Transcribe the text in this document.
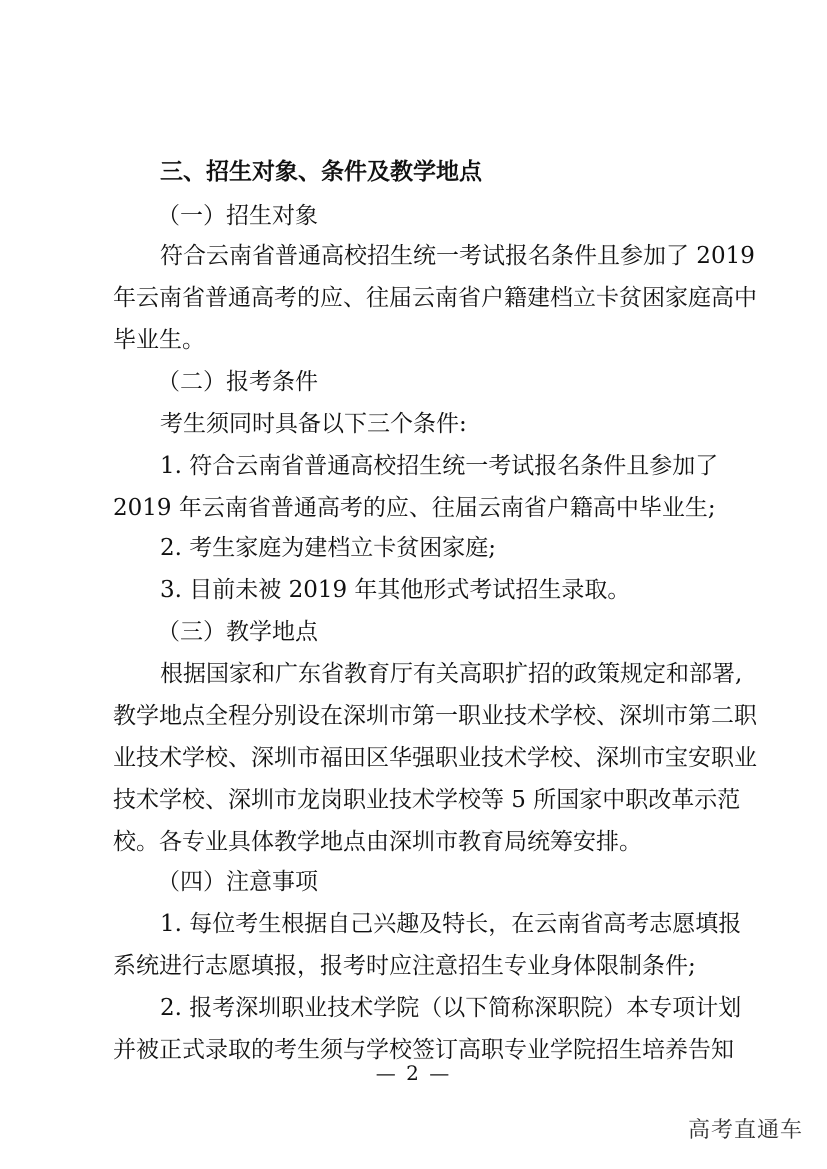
三、招生对象、条件及教学地点
（一）招生对象
符合云南省普通高校招生统一考试报名条件且参加了 2019
年云南省普通高考的应、往届云南省户籍建档立卡贫困家庭高中
毕业生。
（二）报考条件
考生须同时具备以下三个条件:
1. 符合云南省普通高校招生统一考试报名条件且参加了
2019 年云南省普通高考的应、往届云南省户籍高中毕业生;
2. 考生家庭为建档立卡贫困家庭;
3. 目前未被 2019 年其他形式考试招生录取。
（三）教学地点
根据国家和广东省教育厅有关高职扩招的政策规定和部署,
教学地点全程分别设在深圳市第一职业技术学校、深圳市第二职
业技术学校、深圳市福田区华强职业技术学校、深圳市宝安职业
技术学校、深圳市龙岗职业技术学校等 5 所国家中职改革示范
校。各专业具体教学地点由深圳市教育局统筹安排。
（四）注意事项
1. 每位考生根据自己兴趣及特长，在云南省高考志愿填报
系统进行志愿填报，报考时应注意招生专业身体限制条件;
2. 报考深圳职业技术学院（以下简称深职院）本专项计划
并被正式录取的考生须与学校签订高职专业学院招生培养告知
— 2 —
高考直通车
